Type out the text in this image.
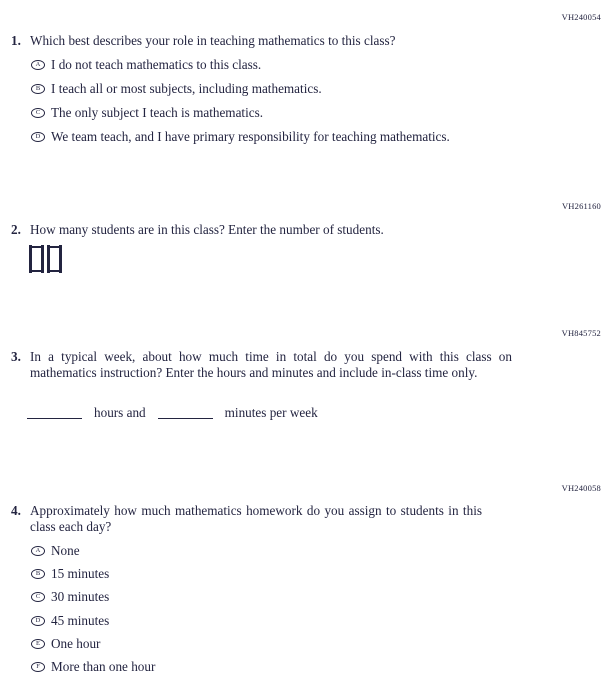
VH240054
VH261160
VH845752
VH240058
1. Which best describes your role in teaching mathematics to this class?

A I do not teach mathematics to this class.
B I teach all or most subjects, including mathematics.
C The only subject I teach is mathematics.
D We team teach, and I have primary responsibility for teaching mathematics.
2. How many students are in this class? Enter the number of students.

3. In a typical week, about how much time in total do you spend with this class on mathematics instruction? Enter the hours and minutes and include in-class time only.

hours and	minutes per week
4. Approximately how much mathematics homework do you assign to students in this class each day?

A None
B 15 minutes
C 30 minutes
D 45 minutes
E One hour
F More than one hour
